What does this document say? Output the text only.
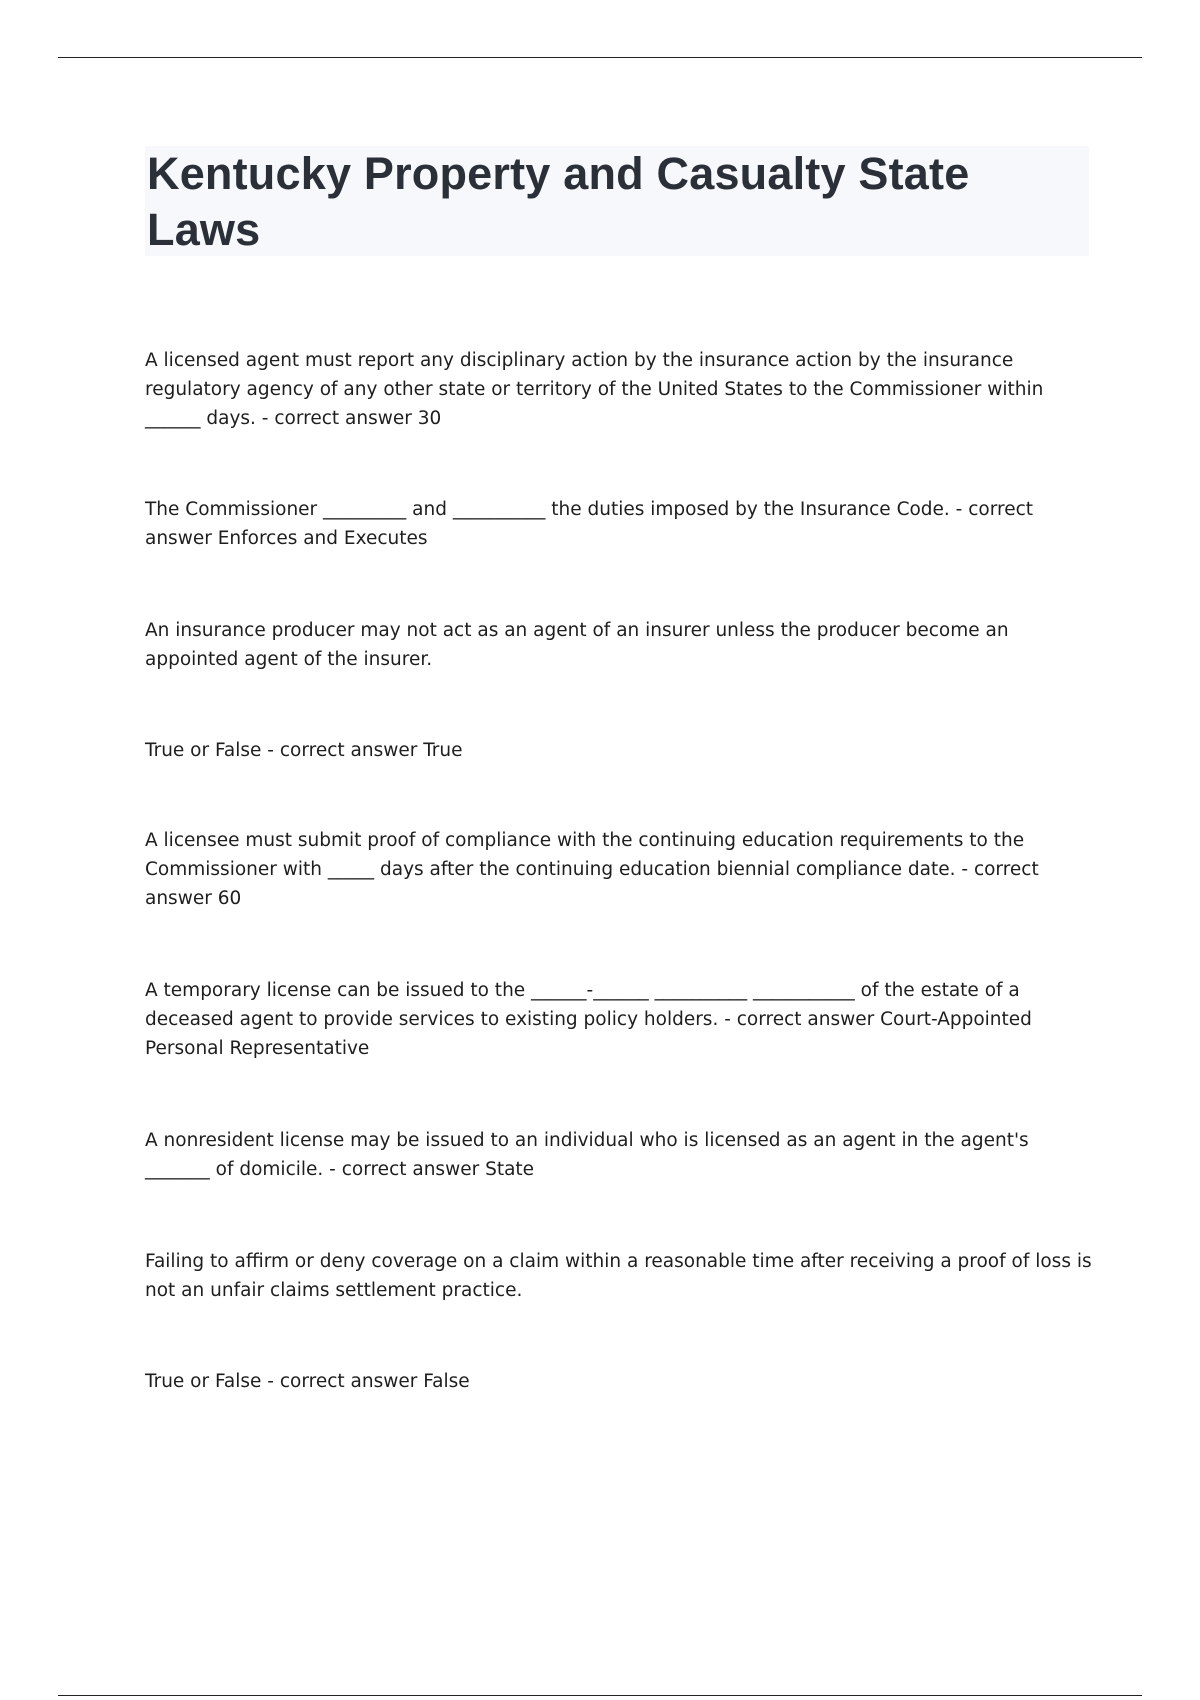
Kentucky Property and Casualty State Laws

A licensed agent must report any disciplinary action by the insurance action by the insurance regulatory agency of any other state or territory of the United States to the Commissioner within ______ days. - correct answer 30

The Commissioner _________ and __________ the duties imposed by the Insurance Code. - correct answer Enforces and Executes

An insurance producer may not act as an agent of an insurer unless the producer become an appointed agent of the insurer.

True or False - correct answer True

A licensee must submit proof of compliance with the continuing education requirements to the Commissioner with _____ days after the continuing education biennial compliance date. - correct answer 60

A temporary license can be issued to the ______-______ __________ ___________ of the estate of a deceased agent to provide services to existing policy holders. - correct answer Court-Appointed Personal Representative

A nonresident license may be issued to an individual who is licensed as an agent in the agent's _______ of domicile. - correct answer State

Failing to affirm or deny coverage on a claim within a reasonable time after receiving a proof of loss is not an unfair claims settlement practice.

True or False - correct answer False
